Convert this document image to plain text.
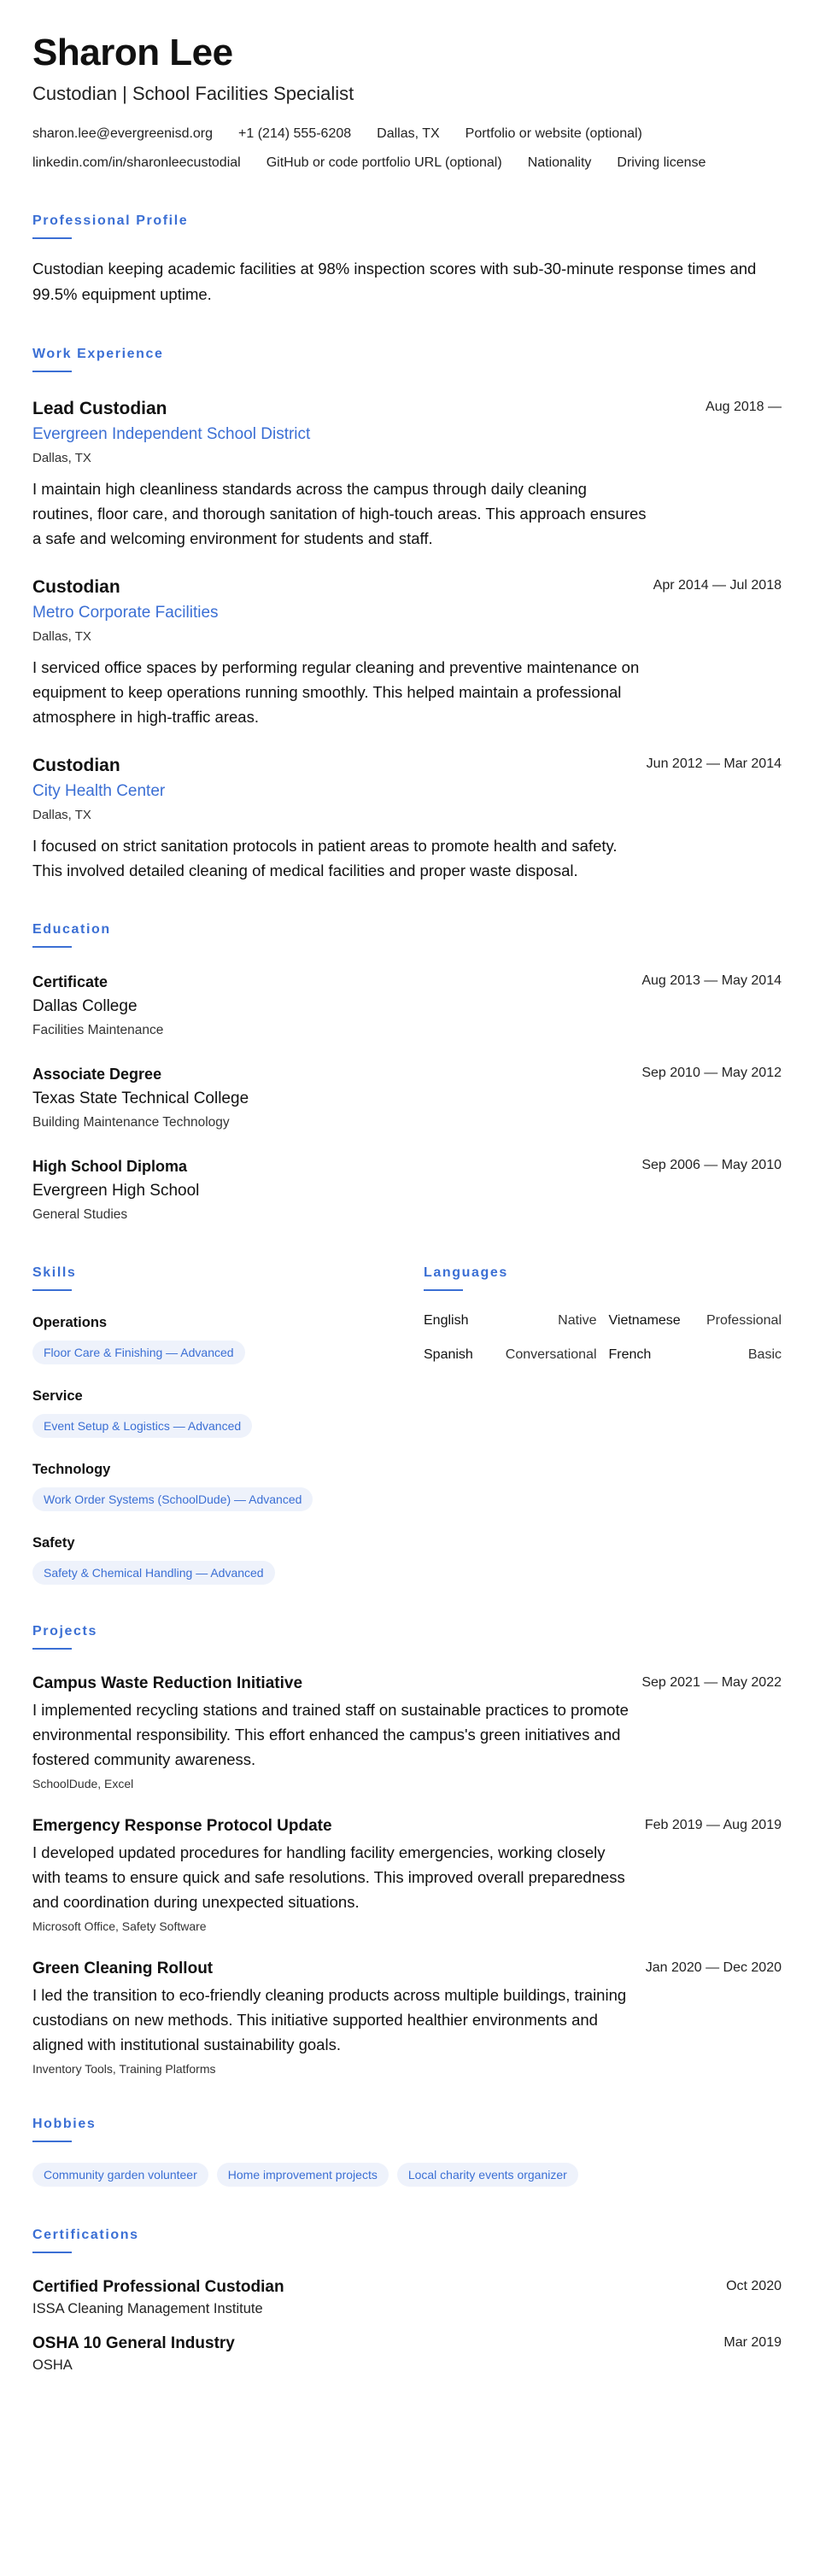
Sharon Lee
Custodian | School Facilities Specialist
sharon.lee@evergreenisd.org +1 (214) 555-6208 Dallas, TX Portfolio or website (optional)
linkedin.com/in/sharonleecustodial GitHub or code portfolio URL (optional) Nationality Driving license
Professional Profile
Custodian keeping academic facilities at 98% inspection scores with sub-30-minute response times and 99.5% equipment uptime.
Work Experience
Lead Custodian	Aug 2018 —
Evergreen Independent School District
Dallas, TX
I maintain high cleanliness standards across the campus through daily cleaning routines, floor care, and thorough sanitation of high-touch areas. This approach ensures a safe and welcoming environment for students and staff.
Custodian	Apr 2014 — Jul 2018
Metro Corporate Facilities
Dallas, TX
I serviced office spaces by performing regular cleaning and preventive maintenance on equipment to keep operations running smoothly. This helped maintain a professional atmosphere in high-traffic areas.
Custodian	Jun 2012 — Mar 2014
City Health Center
Dallas, TX
I focused on strict sanitation protocols in patient areas to promote health and safety. This involved detailed cleaning of medical facilities and proper waste disposal.
Education
Certificate	Aug 2013 — May 2014
Dallas College
Facilities Maintenance
Associate Degree	Sep 2010 — May 2012
Texas State Technical College
Building Maintenance Technology
High School Diploma	Sep 2006 — May 2010
Evergreen High School
General Studies
Skills
Operations
Floor Care & Finishing — Advanced
Service
Event Setup & Logistics — Advanced
Technology
Work Order Systems (SchoolDude) — Advanced
Safety
Safety & Chemical Handling — Advanced
Languages
English	Native Vietnamese Professional
Spanish Conversational French	Basic
Projects
Campus Waste Reduction Initiative	Sep 2021 — May 2022
I implemented recycling stations and trained staff on sustainable practices to promote environmental responsibility. This effort enhanced the campus's green initiatives and fostered community awareness.
SchoolDude, Excel
Emergency Response Protocol Update	Feb 2019 — Aug 2019
I developed updated procedures for handling facility emergencies, working closely with teams to ensure quick and safe resolutions. This improved overall preparedness and coordination during unexpected situations.
Microsoft Office, Safety Software
Green Cleaning Rollout	Jan 2020 — Dec 2020
I led the transition to eco-friendly cleaning products across multiple buildings, training custodians on new methods. This initiative supported healthier environments and aligned with institutional sustainability goals.
Inventory Tools, Training Platforms
Hobbies
Community garden volunteer	Home improvement projects	Local charity events organizer
Certifications
Certified Professional Custodian	Oct 2020
ISSA Cleaning Management Institute
OSHA 10 General Industry	Mar 2019
OSHA
